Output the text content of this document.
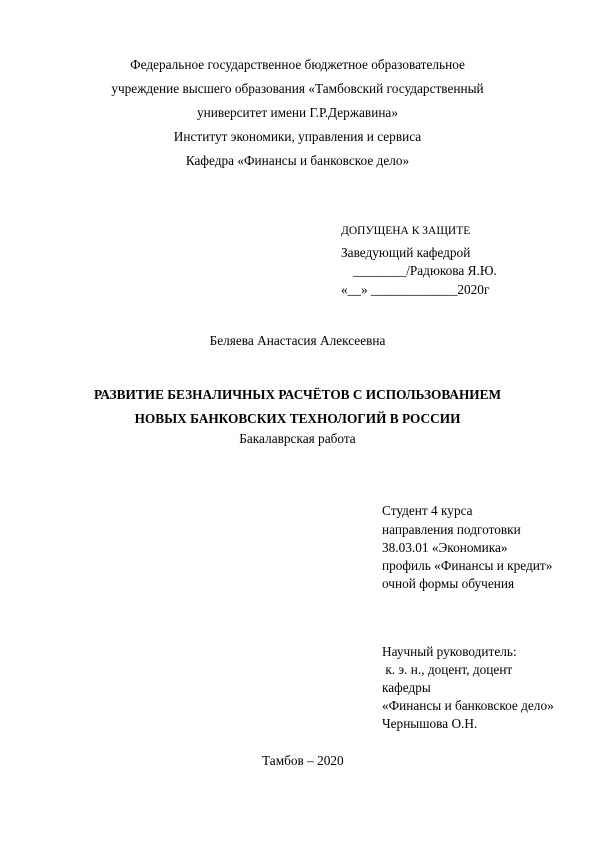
Федеральное государственное бюджетное образовательное
учреждение высшего образования «Тамбовский государственный
университет имени Г.Р.Державина»
Институт экономики, управления и сервиса
Кафедра «Финансы и банковское дело»
ДОПУЩЕНА К ЗАЩИТЕ
Заведующий кафедрой
________/Радюкова Я.Ю.
«__» _____________2020г
Беляева Анастасия Алексеевна
РАЗВИТИЕ БЕЗНАЛИЧНЫХ РАСЧЁТОВ С ИСПОЛЬЗОВАНИЕМ
НОВЫХ БАНКОВСКИХ ТЕХНОЛОГИЙ В РОССИИ
Бакалаврская работа
Студент 4 курса
направления подготовки
38.03.01 «Экономика»
профиль «Финансы и кредит»
очной формы обучения
Научный руководитель:
к. э. н., доцент, доцент
кафедры
«Финансы и банковское дело»
Чернышова О.Н.
Тамбов – 2020
